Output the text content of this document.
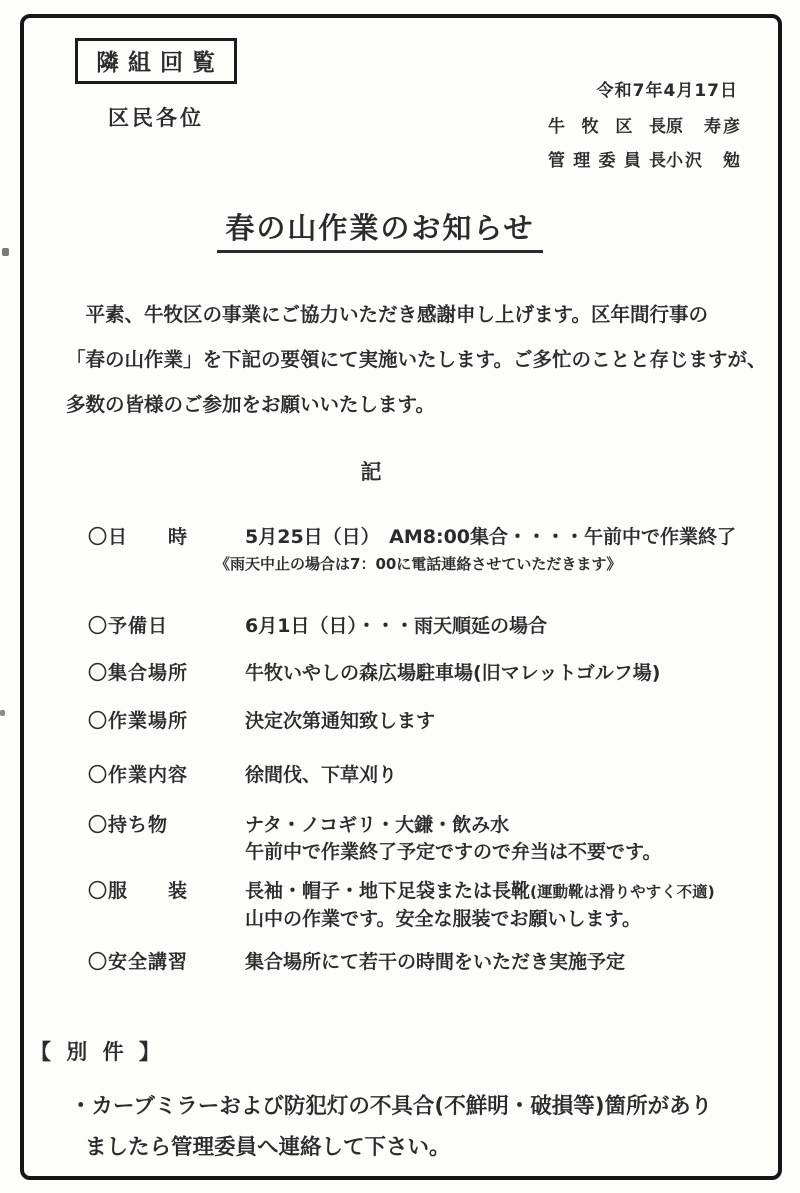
隣組回覧
令和7年4月17日
区民各位	牛牧区長 原　寿彦
管理委員長 小沢　勉
春の山作業のお知らせ
　平素、牛牧区の事業にご協力いただき感謝申し上げます。区年間行事の
「春の山作業」を下記の要領にて実施いたします。ご多忙のことと存じますが、
多数の皆様のご参加をお願いいたします。
記
〇日　　時	5月25日（日）　AM8:00集合・・・・午前中で作業終了
《雨天中止の場合は7：00に電話連絡させていただきます》
〇予備日	6月1日（日）・・・雨天順延の場合
〇集合場所	牛牧いやしの森広場駐車場(旧マレットゴルフ場)
〇作業場所	決定次第通知致します
〇作業内容	徐間伐、下草刈り
〇持ち物	ナタ・ノコギリ・大鎌・飲み水
午前中で作業終了予定ですので弁当は不要です。
〇服　　装	長袖・帽子・地下足袋または長靴(運動靴は滑りやすく不適)
山中の作業です。安全な服装でお願いします。
〇安全講習	集合場所にて若干の時間をいただき実施予定
【 別 件 】
・カーブミラーおよび防犯灯の不具合(不鮮明・破損等)箇所があり
ましたら管理委員へ連絡して下さい。
